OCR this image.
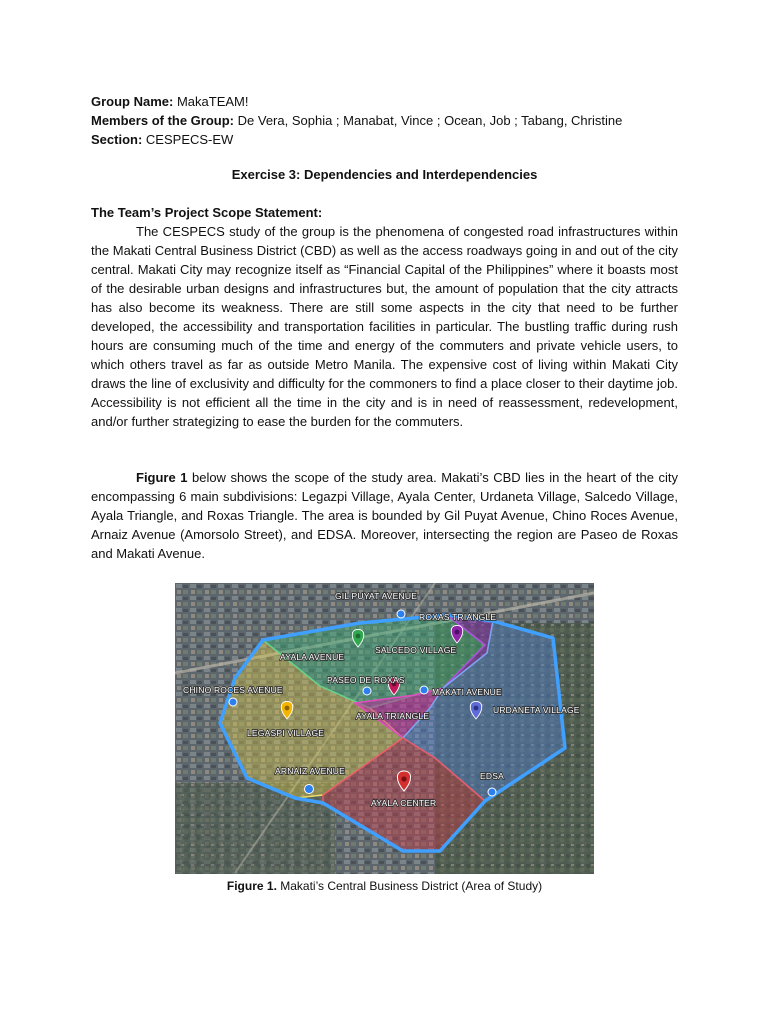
Group Name: MakaTEAM!
Members of the Group: De Vera, Sophia ; Manabat, Vince ; Ocean, Job ; Tabang, Christine
Section: CESPECS-EW
Exercise 3: Dependencies and Interdependencies
The Team’s Project Scope Statement:

The CESPECS study of the group is the phenomena of congested road infrastructures within the Makati Central Business District (CBD) as well as the access roadways going in and out of the city central. Makati City may recognize itself as “Financial Capital of the Philippines” where it boasts most of the desirable urban designs and infrastructures but, the amount of population that the city attracts has also become its weakness. There are still some aspects in the city that need to be further developed, the accessibility and transportation facilities in particular. The bustling traffic during rush hours are consuming much of the time and energy of the commuters and private vehicle users, to which others travel as far as outside Metro Manila. The expensive cost of living within Makati City draws the line of exclusivity and difficulty for the commoners to find a place closer to their daytime job. Accessibility is not efficient all the time in the city and is in need of reassessment, redevelopment, and/or further strategizing to ease the burden for the commuters.

Figure 1 below shows the scope of the study area. Makati’s CBD lies in the heart of the city encompassing 6 main subdivisions: Legazpi Village, Ayala Center, Urdaneta Village, Salcedo Village, Ayala Triangle, and Roxas Triangle. The area is bounded by Gil Puyat Avenue, Chino Roces Avenue, Arnaiz Avenue (Amorsolo Street), and EDSA. Moreover, intersecting the region are Paseo de Roxas and Makati Avenue.

GIL PUYAT AVENUE
ROXAS TRIANGLE
AYALA AVENUE
SALCEDO VILLAGE
PASEO DE ROXAS
CHINO ROCES AVENUE	MAKATI AVENUE
AYALA TRIANGLE
URDANETA VILLAGE
LEGASPI VILLAGE
ARNAIZ AVENUE	EDSA
AYALA CENTER
Figure 1. Makati’s Central Business District (Area of Study)
